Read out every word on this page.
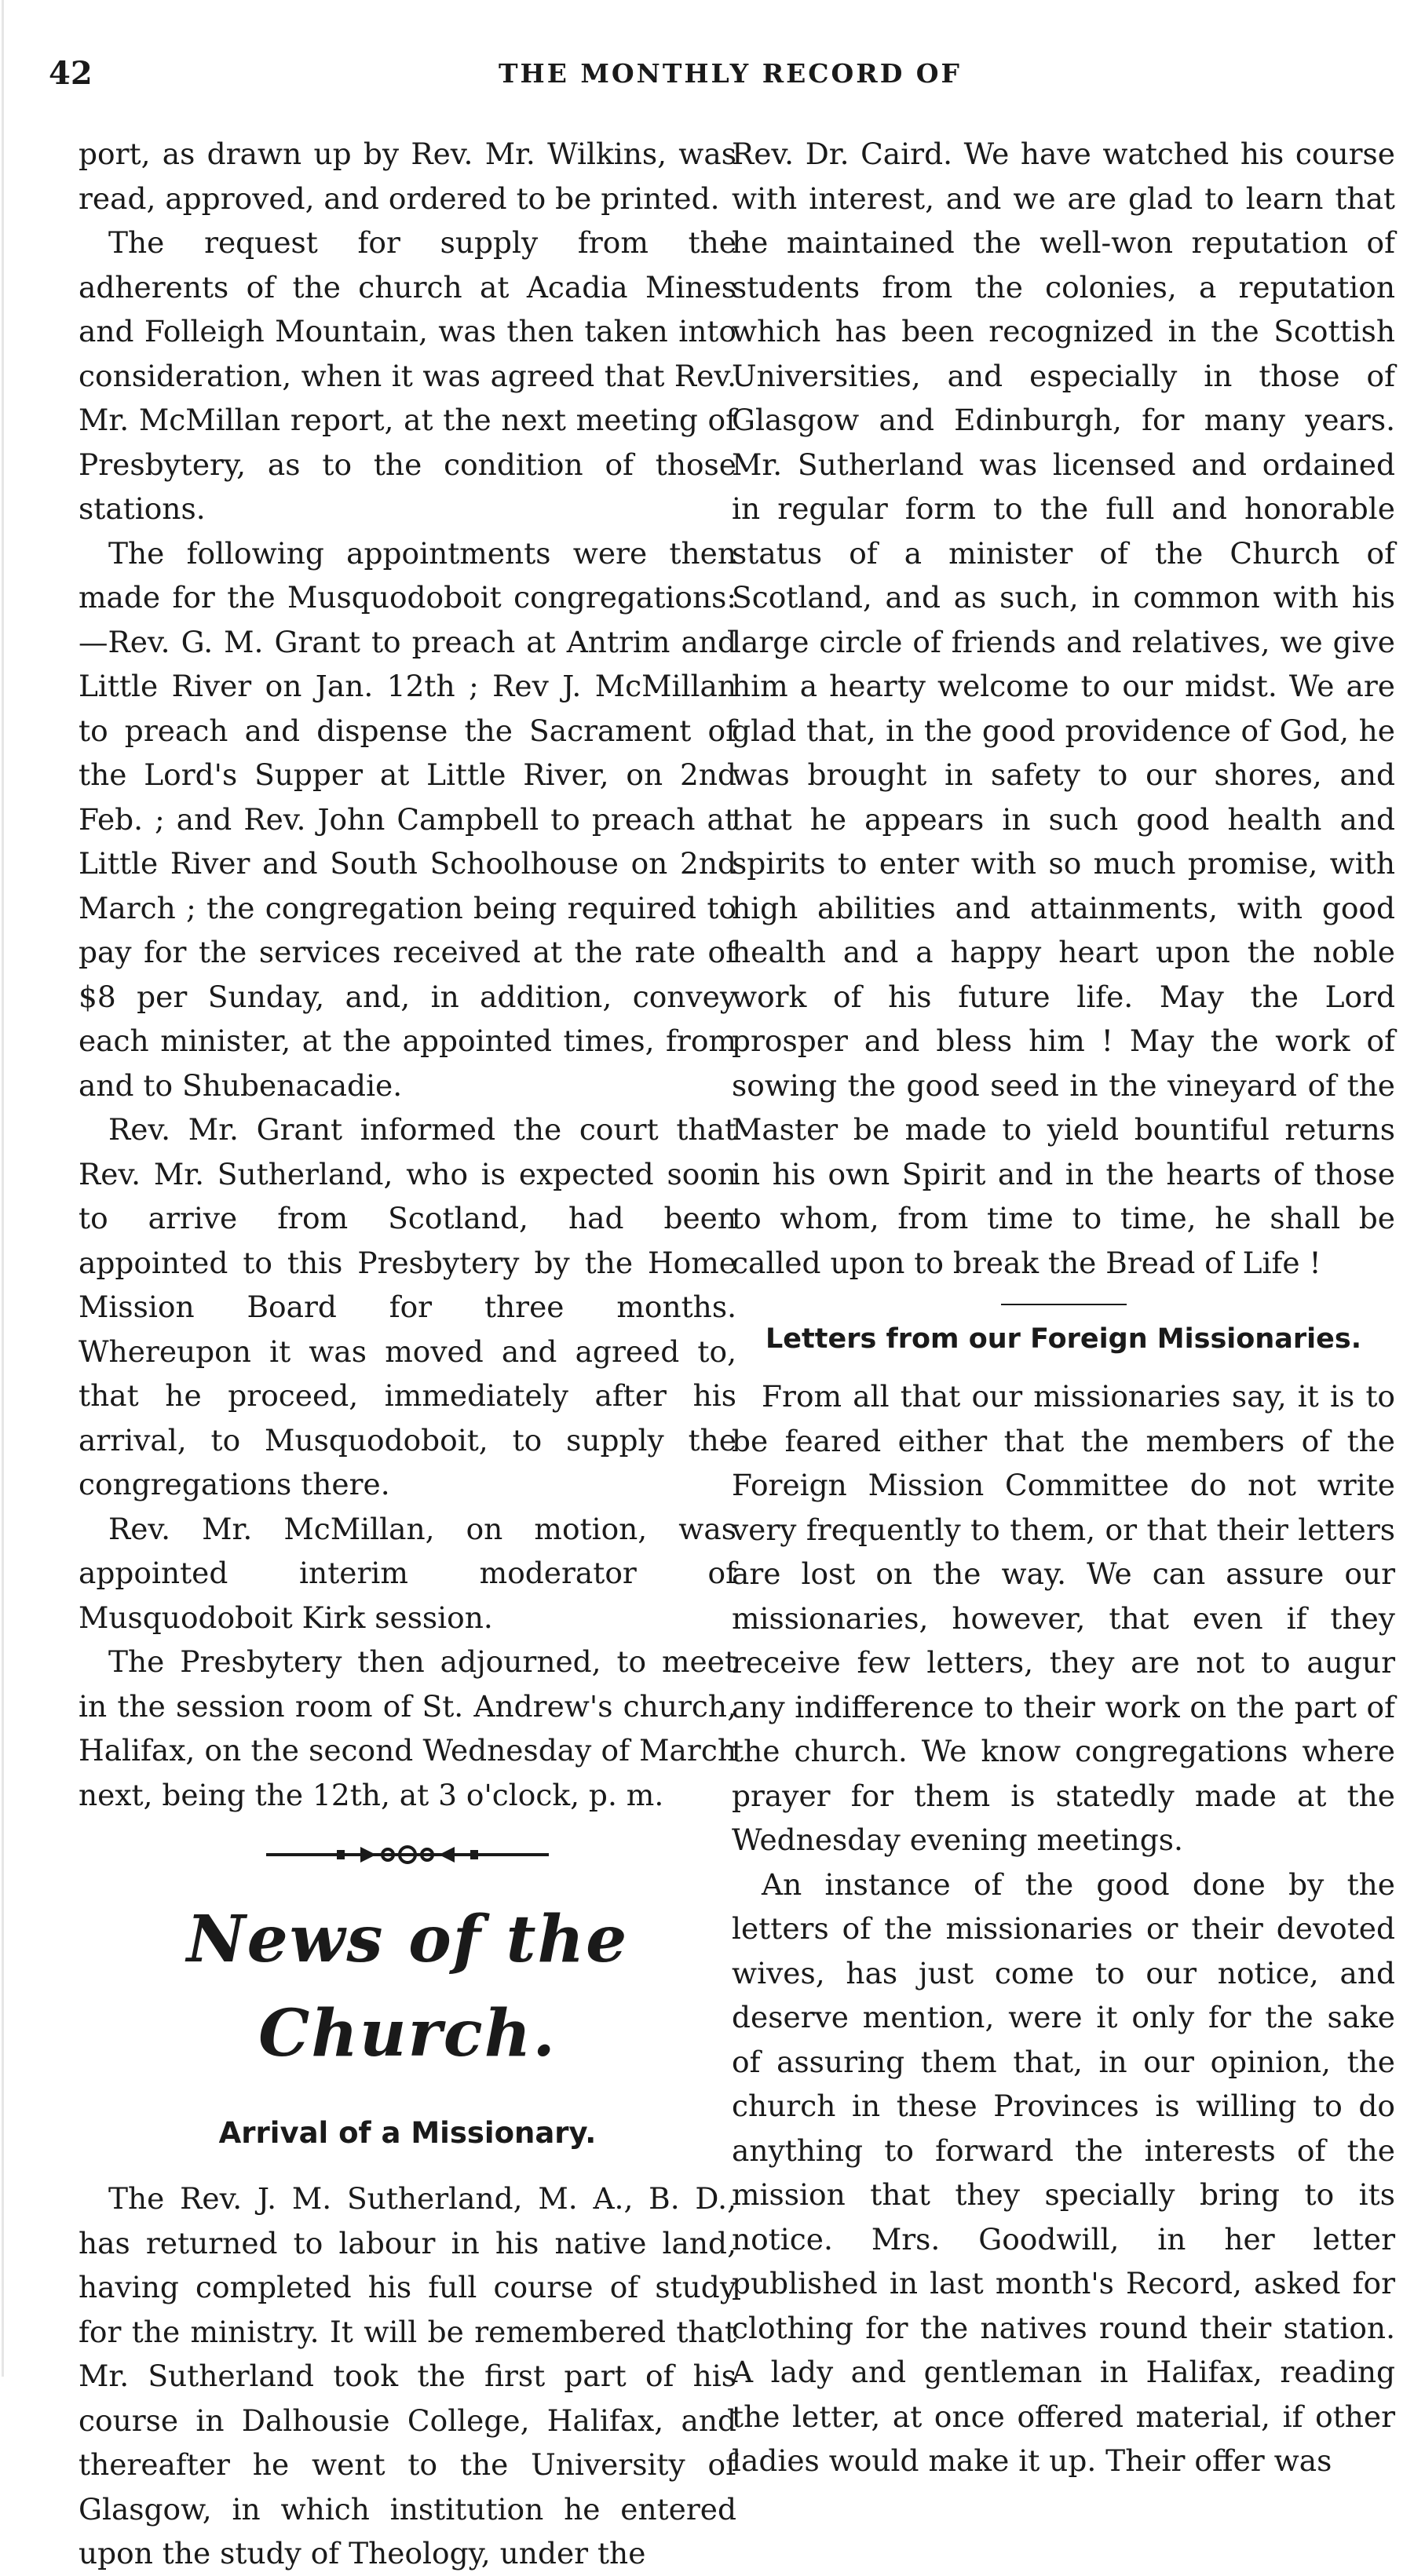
42	THE MONTHLY RECORD OF

port, as drawn up by Rev. Mr. Wilkins, was read, approved, and ordered to be printed.

The request for supply from the adherents of the church at Acadia Mines and Folleigh Mountain, was then taken into consideration, when it was agreed that Rev. Mr. McMillan report, at the next meeting of Presbytery, as to the condition of those stations.

The following appointments were then made for the Musquodoboit congregations:—Rev. G. M. Grant to preach at Antrim and Little River on Jan. 12th ; Rev J. McMillan to preach and dispense the Sacrament of the Lord's Supper at Little River, on 2nd Feb. ; and Rev. John Campbell to preach at Little River and South Schoolhouse on 2nd March ; the congregation being required to pay for the services received at the rate of $8 per Sunday, and, in addition, convey each minister, at the appointed times, from and to Shubenacadie.

Rev. Mr. Grant informed the court that Rev. Mr. Sutherland, who is expected soon to arrive from Scotland, had been appointed to this Presbytery by the Home Mission Board for three months. Whereupon it was moved and agreed to, that he proceed, immediately after his arrival, to Musquodoboit, to supply the congregations there.

Rev. Mr. McMillan, on motion, was appointed interim moderator of Musquodoboit Kirk session.

The Presbytery then adjourned, to meet in the session room of St. Andrew's church, Halifax, on the second Wednesday of March next, being the 12th, at 3 o'clock, p. m.

News of the Church.
Arrival of a Missionary.

The Rev. J. M. Sutherland, M. A., B. D., has returned to labour in his native land, having completed his full course of study for the ministry. It will be remembered that Mr. Sutherland took the first part of his course in Dalhousie College, Halifax, and thereafter he went to the University of Glasgow, in which institution he entered upon the study of Theology, under the

Rev. Dr. Caird. We have watched his course with interest, and we are glad to learn that he maintained the well-won reputation of students from the colonies, a reputation which has been recognized in the Scottish Universities, and especially in those of Glasgow and Edinburgh, for many years. Mr. Sutherland was licensed and ordained in regular form to the full and honorable status of a minister of the Church of Scotland, and as such, in common with his large circle of friends and relatives, we give him a hearty welcome to our midst. We are glad that, in the good providence of God, he was brought in safety to our shores, and that he appears in such good health and spirits to enter with so much promise, with high abilities and attainments, with good health and a happy heart upon the noble work of his future life. May the Lord prosper and bless him ! May the work of sowing the good seed in the vineyard of the Master be made to yield bountiful returns in his own Spirit and in the hearts of those to whom, from time to time, he shall be called upon to break the Bread of Life !

Letters from our Foreign Missionaries.

From all that our missionaries say, it is to be feared either that the members of the Foreign Mission Committee do not write very frequently to them, or that their letters are lost on the way. We can assure our missionaries, however, that even if they receive few letters, they are not to augur any indifference to their work on the part of the church. We know congregations where prayer for them is statedly made at the Wednesday evening meetings.

An instance of the good done by the letters of the missionaries or their devoted wives, has just come to our notice, and deserve mention, were it only for the sake of assuring them that, in our opinion, the church in these Provinces is willing to do anything to forward the interests of the mission that they specially bring to its notice. Mrs. Goodwill, in her letter published in last month's Record, asked for clothing for the natives round their station. A lady and gentleman in Halifax, reading the letter, at once offered material, if other ladies would make it up. Their offer was
